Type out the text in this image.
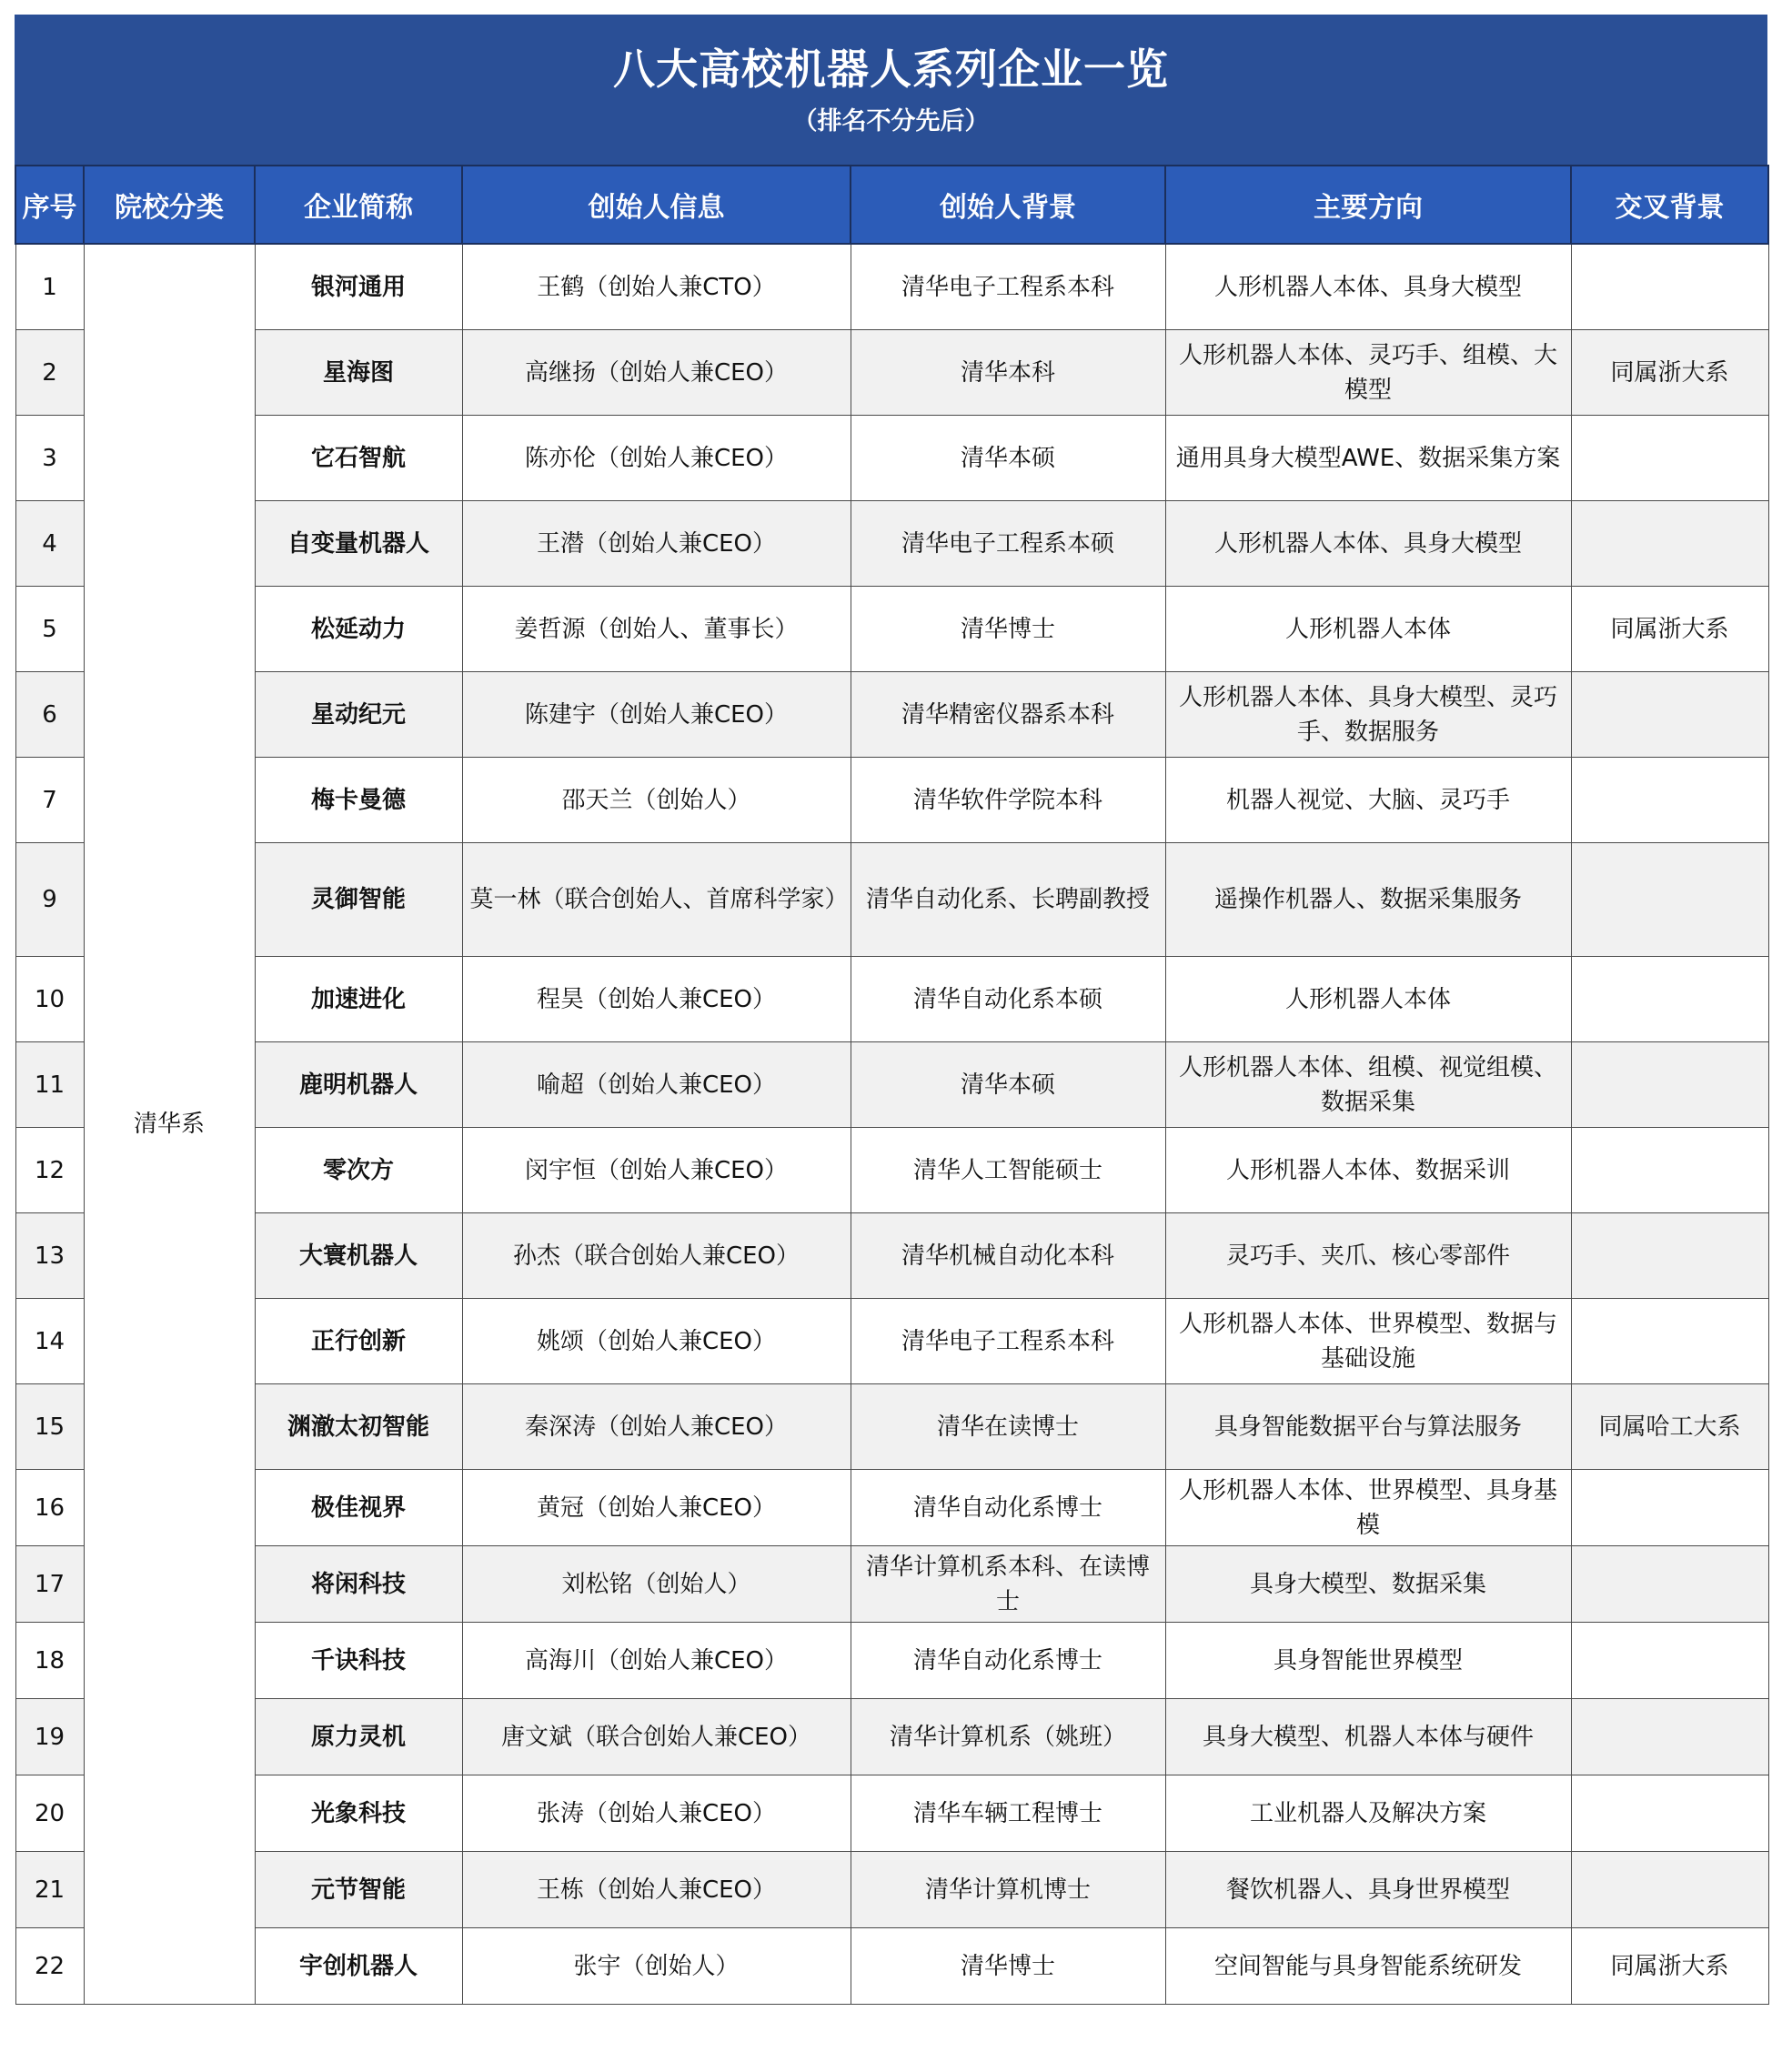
八大高校机器人系列企业一览
（排名不分先后）
序号	院校分类	企业简称	创始人信息	创始人背景	主要方向	交叉背景
1	清华系	银河通用	王鹤（创始人兼CTO）	清华电子工程系本科	人形机器人本体、具身大模型	
2		星海图	高继扬（创始人兼CEO）	清华本科	人形机器人本体、灵巧手、组模、大模型	同属浙大系
3		它石智航	陈亦伦（创始人兼CEO）	清华本硕	通用具身大模型AWE、数据采集方案	
4		自变量机器人	王潜（创始人兼CEO）	清华电子工程系本硕	人形机器人本体、具身大模型	
5		松延动力	姜哲源（创始人、董事长）	清华博士	人形机器人本体	同属浙大系
6		星动纪元	陈建宇（创始人兼CEO）	清华精密仪器系本科	人形机器人本体、具身大模型、灵巧手、数据服务	
7		梅卡曼德	邵天兰（创始人）	清华软件学院本科	机器人视觉、大脑、灵巧手	
9		灵御智能	莫一林（联合创始人、首席科学家）	清华自动化系、长聘副教授	遥操作机器人、数据采集服务	
10		加速进化	程昊（创始人兼CEO）	清华自动化系本硕	人形机器人本体	
11		鹿明机器人	喻超（创始人兼CEO）	清华本硕	人形机器人本体、组模、视觉组模、数据采集	
12		零次方	闵宇恒（创始人兼CEO）	清华人工智能硕士	人形机器人本体、数据采训	
13		大寰机器人	孙杰（联合创始人兼CEO）	清华机械自动化本科	灵巧手、夹爪、核心零部件	
14		正行创新	姚颂（创始人兼CEO）	清华电子工程系本科	人形机器人本体、世界模型、数据与基础设施	
15		渊澈太初智能	秦深涛（创始人兼CEO）	清华在读博士	具身智能数据平台与算法服务	同属哈工大系
16		极佳视界	黄冠（创始人兼CEO）	清华自动化系博士	人形机器人本体、世界模型、具身基模	
17		将闲科技	刘松铭（创始人）	清华计算机系本科、在读博士	具身大模型、数据采集	
18		千诀科技	高海川（创始人兼CEO）	清华自动化系博士	具身智能世界模型	
19		原力灵机	唐文斌（联合创始人兼CEO）	清华计算机系（姚班）	具身大模型、机器人本体与硬件	
20		光象科技	张涛（创始人兼CEO）	清华车辆工程博士	工业机器人及解决方案	
21		元节智能	王栋（创始人兼CEO）	清华计算机博士	餐饮机器人、具身世界模型	
22		宇创机器人	张宇（创始人）	清华博士	空间智能与具身智能系统研发	同属浙大系
